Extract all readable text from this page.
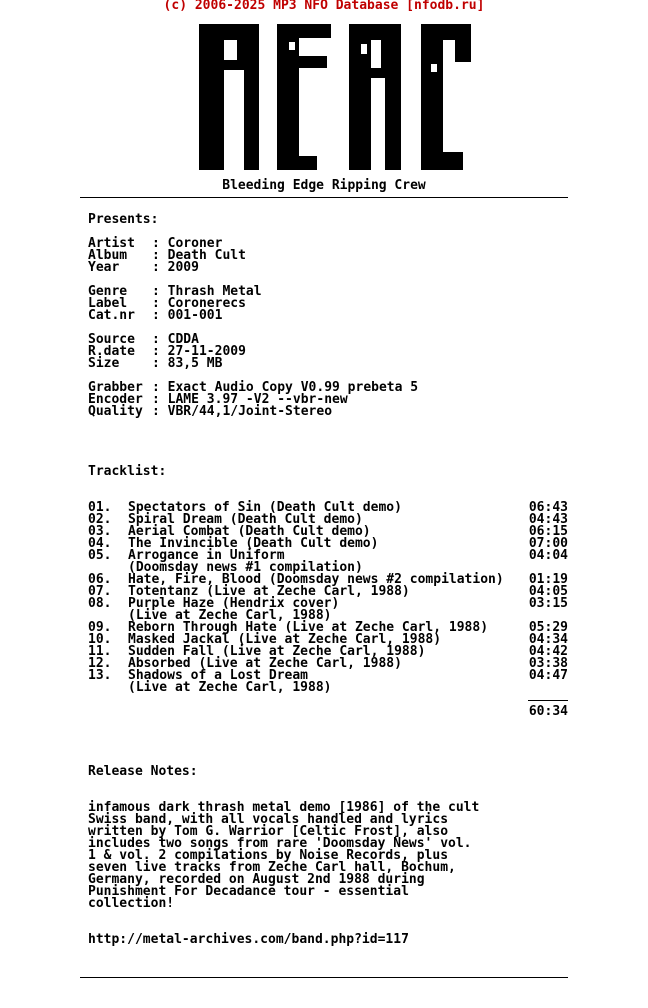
(c) 2006-2025 MP3 NFO Database [nfodb.ru]
Bleeding Edge Ripping Crew
Presents:
Artist : Coroner
Album : Death Cult
Year	: 2009
Genre : Thrash Metal
Label : Coronerecs
Cat.nr : 001-001
Source : CDDA
R.date : 27-11-2009
Size	: 83,5 MB
Grabber : Exact Audio Copy V0.99 prebeta 5
Encoder : LAME 3.97 -V2 --vbr-new
Quality : VBR/44,1/Joint-Stereo
Tracklist:
01. Spectators of Sin (Death Cult demo)	06:43
02. Spiral Dream (Death Cult demo)	04:43
03. Aerial Combat (Death Cult demo)	06:15
04. The Invincible (Death Cult demo)	07:00
05. Arrogance in Uniform	04:04
(Doomsday news #1 compilation)
06. Hate, Fire, Blood (Doomsday news #2 compilation) 01:19
07. Totentanz (Live at Zeche Carl, 1988)	04:05
08. Purple Haze (Hendrix cover)	03:15
(Live at Zeche Carl, 1988)
09. Reborn Through Hate (Live at Zeche Carl, 1988)	05:29
10. Masked Jackal (Live at Zeche Carl, 1988)	04:34
11. Sudden Fall (Live at Zeche Carl, 1988)	04:42
12. Absorbed (Live at Zeche Carl, 1988)	03:38
13. Shadows of a Lost Dream	04:47
(Live at Zeche Carl, 1988)
60:34
Release Notes:
infamous dark thrash metal demo [1986] of the cult
Swiss band, with all vocals handled and lyrics
written by Tom G. Warrior [Celtic Frost], also
includes two songs from rare 'Doomsday News' vol.
1 & vol. 2 compilations by Noise Records, plus
seven live tracks from Zeche Carl hall, Bochum,
Germany, recorded on August 2nd 1988 during
Punishment For Decadance tour - essential
collection!
http://metal-archives.com/band.php?id=117
